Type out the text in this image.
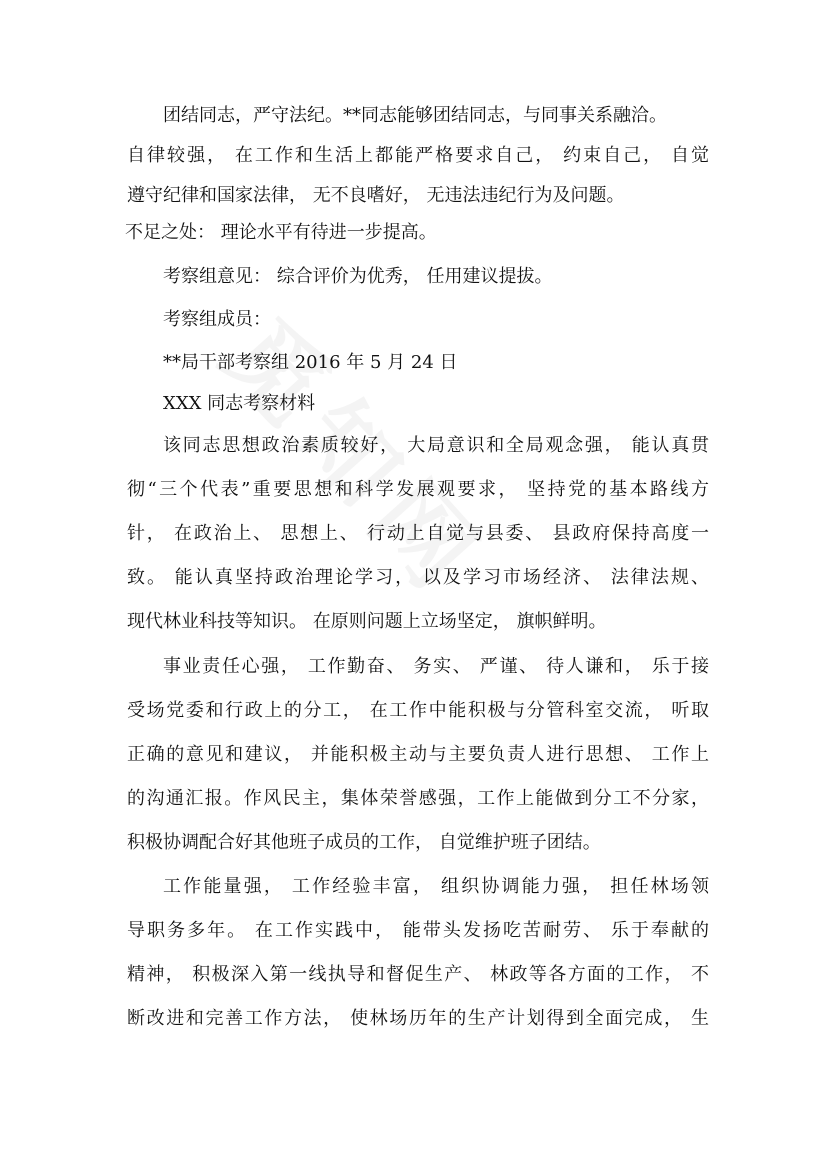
团结同志，严守法纪。**同志能够团结同志，与同事关系融洽。
自律较强， 在工作和生活上都能严格要求自己， 约束自己， 自觉
遵守纪律和国家法律， 无不良嗜好， 无违法违纪行为及问题。
不足之处： 理论水平有待进一步提高。
考察组意见： 综合评价为优秀， 任用建议提拔。
考察组成员：
**局干部考察组 2016 年 5 月 24 日
XXX 同志考察材料
该同志思想政治素质较好， 大局意识和全局观念强， 能认真贯
彻“三个代表”重要思想和科学发展观要求， 坚持党的基本路线方
针， 在政治上、 思想上、 行动上自觉与县委、 县政府保持高度一
致。 能认真坚持政治理论学习， 以及学习市场经济、 法律法规、
现代林业科技等知识。 在原则问题上立场坚定， 旗帜鲜明。
事业责任心强， 工作勤奋、 务实、 严谨、 待人谦和， 乐于接
受场党委和行政上的分工， 在工作中能积极与分管科室交流， 听取
正确的意见和建议， 并能积极主动与主要负责人进行思想、 工作上
的沟通汇报。作风民主，集体荣誉感强，工作上能做到分工不分家，
积极协调配合好其他班子成员的工作， 自觉维护班子团结。
工作能量强， 工作经验丰富， 组织协调能力强， 担任林场领
导职务多年。 在工作实践中， 能带头发扬吃苦耐劳、 乐于奉献的
精神， 积极深入第一线执导和督促生产、 林政等各方面的工作， 不
断改进和完善工作方法， 使林场历年的生产计划得到全面完成， 生
